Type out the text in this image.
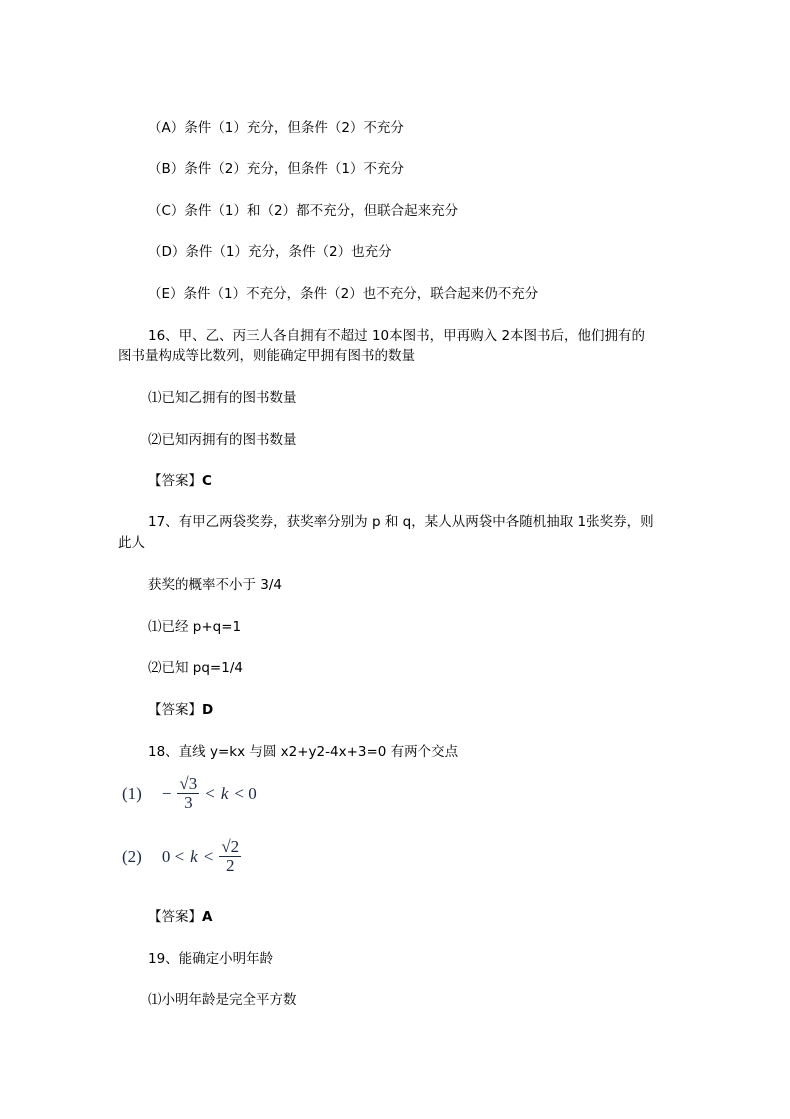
（A）条件（1）充分，但条件（2）不充分
（B）条件（2）充分，但条件（1）不充分
（C）条件（1）和（2）都不充分，但联合起来充分
（D）条件（1）充分，条件（2）也充分
（E）条件（1）不充分，条件（2）也不充分，联合起来仍不充分
16、甲、乙、丙三人各自拥有不超过 10本图书，甲再购入 2本图书后，他们拥有的
图书量构成等比数列，则能确定甲拥有图书的数量
⑴已知乙拥有的图书数量
⑵已知丙拥有的图书数量
【答案】C
17、有甲乙两袋奖券，获奖率分别为 p 和 q，某人从两袋中各随机抽取 1张奖券，则
此人
获奖的概率不小于 3/4
⑴已经 p+q=1
⑵已知 pq=1/4
【答案】D
18、直线 y=kx 与圆 x2+y2-4x+3=0 有两个交点
$(1) - \frac{√3}{3} < k < 0$
(2) $0 < k < \frac{√2}{2}$
【答案】A
19、能确定小明年龄
⑴小明年龄是完全平方数
